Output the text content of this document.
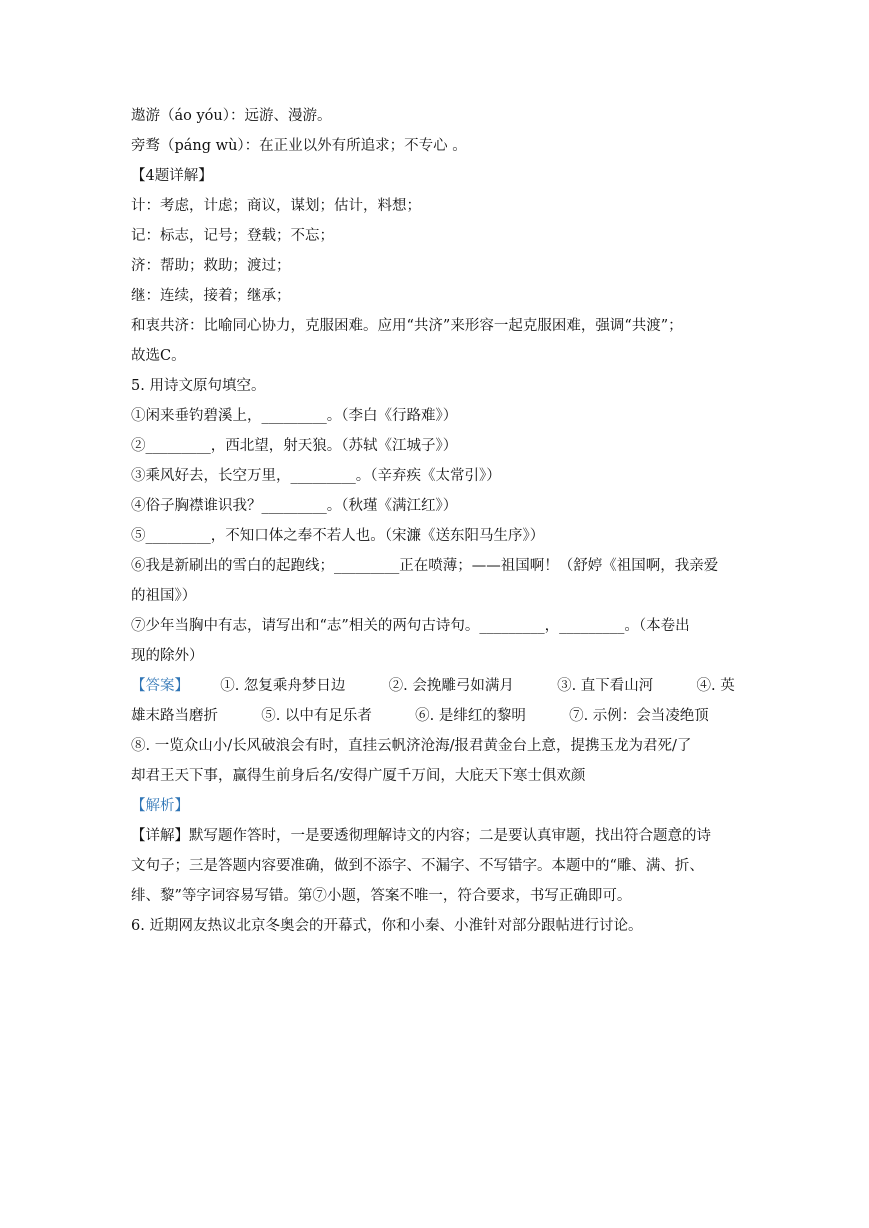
遨游（áo yóu）：远游、漫游。
旁骛（páng wù）：在正业以外有所追求；不专心 。
【4题详解】
计：考虑，计虑；商议，谋划；估计，料想；
记：标志，记号；登载；不忘；
济：帮助；救助；渡过；
继：连续，接着；继承；
和衷共济：比喻同心协力，克服困难。应用“共济”来形容一起克服困难，强调“共渡”；
故选C。
5. 用诗文原句填空。
①闲来垂钓碧溪上，_________。（李白《行路难》）
②_________，西北望，射天狼。（苏轼《江城子》）
③乘风好去，长空万里，_________。（辛弃疾《太常引》）
④俗子胸襟谁识我？_________。（秋瑾《满江红》）
⑤_________，不知口体之奉不若人也。（宋濂《送东阳马生序》）
⑥我是新刷出的雪白的起跑线；_________正在喷薄；——祖国啊！（舒婷《祖国啊，我亲爱
的祖国》）
⑦少年当胸中有志，请写出和“志”相关的两句古诗句。_________，_________。（本卷出
现的除外）
【答案】 ①. 忽复乘舟梦日边	②. 会挽雕弓如满月	③. 直下看山河	④. 英
雄末路当磨折	⑤. 以中有足乐者	⑥. 是绯红的黎明	⑦. 示例：会当凌绝顶
⑧. 一览众山小/长风破浪会有时，直挂云帆济沧海/报君黄金台上意，提携玉龙为君死/了
却君王天下事，赢得生前身后名/安得广厦千万间，大庇天下寒士俱欢颜
【解析】
【详解】默写题作答时，一是要透彻理解诗文的内容；二是要认真审题，找出符合题意的诗
文句子；三是答题内容要准确，做到不添字、不漏字、不写错字。本题中的“雕、满、折、
绯、黎”等字词容易写错。第⑦小题，答案不唯一，符合要求，书写正确即可。
6. 近期网友热议北京冬奥会的开幕式，你和小秦、小淮针对部分跟帖进行讨论。
